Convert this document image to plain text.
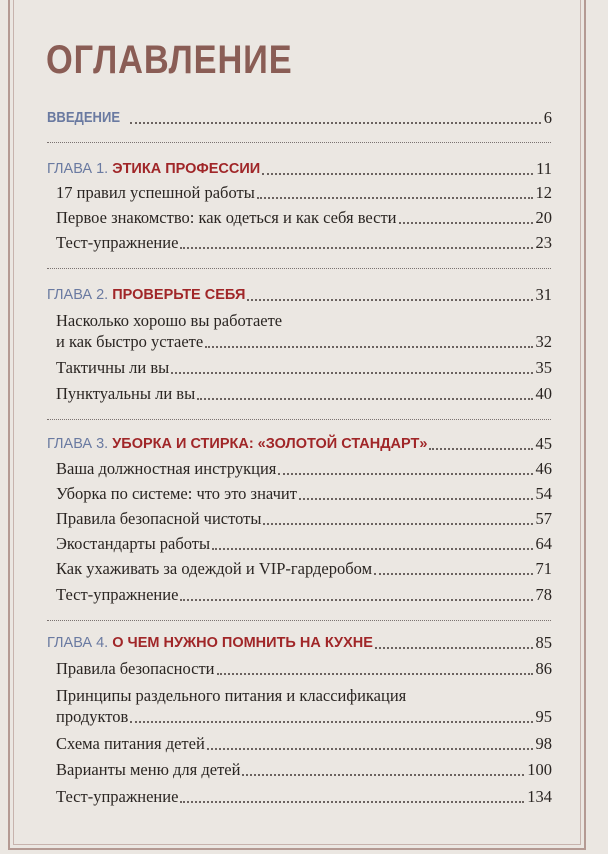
ОГЛАВЛЕНИЕ
ВВЕДЕНИЕ	6
ГЛАВА 1. ЭТИКА ПРОФЕССИИ	11
17 правил успешной работы	12
Первое знакомство: как одеться и как себя вести	20
Тест-упражнение	23
ГЛАВА 2. ПРОВЕРЬТЕ СЕБЯ	31
Насколько хорошо вы работаете
и как быстро устаете	32
Тактичны ли вы	35
Пунктуальны ли вы	40
ГЛАВА 3. УБОРКА И СТИРКА: «ЗОЛОТОЙ СТАНДАРТ»	45
Ваша должностная инструкция	46
Уборка по системе: что это значит	54
Правила безопасной чистоты	57
Экостандарты работы	64
Как ухаживать за одеждой и VIP-гардеробом	71
Тест-упражнение	78
ГЛАВА 4. О ЧЕМ НУЖНО ПОМНИТЬ НА КУХНЕ	85
Правила безопасности	86
Принципы раздельного питания и классификация
продуктов	95
Схема питания детей	98
Варианты меню для детей	100
Тест-упражнение	134
